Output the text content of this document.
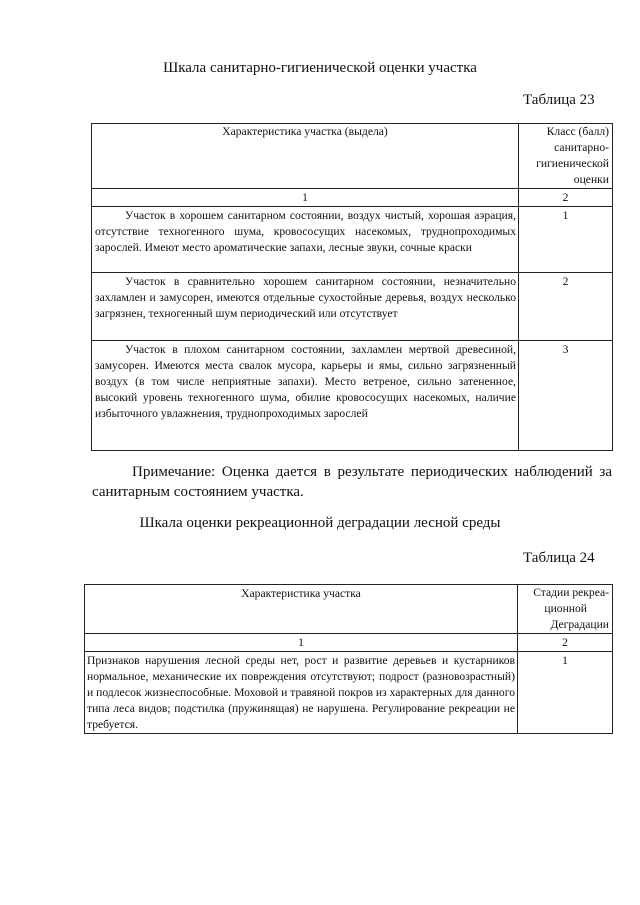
Шкала санитарно-гигиенической оценки участка
Таблица 23
Характеристика участка (выдела)	Класс (балл)
санитарно-
гигиенической
оценки

1	2
Участок в хорошем санитарном состоянии, воздух чистый, хорошая аэрация, отсутствие техногенного шума, кровососущих насекомых, труднопроходимых зарослей. Имеют место ароматические запахи, лесные звуки, сочные краски	1
Участок в сравнительно хорошем санитарном состоянии, незначительно захламлен и замусорен, имеются отдельные сухостойные деревья, воздух несколько загрязнен, техногенный шум периодический или отсутствует	2
Участок в плохом санитарном состоянии, захламлен мертвой древесиной, замусорен. Имеются места свалок мусора, карьеры и ямы, сильно загрязненный воздух (в том числе неприятные запахи). Место ветреное, сильно затененное, высокий уровень техногенного шума, обилие кровососущих насекомых, наличие избыточного увлажнения, труднопроходимых зарослей	3
Примечание: Оценка дается в результате периодических наблюдений за санитарным состоянием участка.
Шкала оценки рекреационной деградации лесной среды
Таблица 24
Характеристика участка	Стадии рекреа-
ционной
Деградации

1	2
Признаков нарушения лесной среды нет, рост и развитие деревьев и кустарников нормальное, механические их повреждения отсутствуют; подрост (разновозрастный) и подлесок жизнеспособные. Моховой и травяной покров из характерных для данного типа леса видов; подстилка (пружинящая) не нарушена. Регулирование рекреации не требуется.	1
